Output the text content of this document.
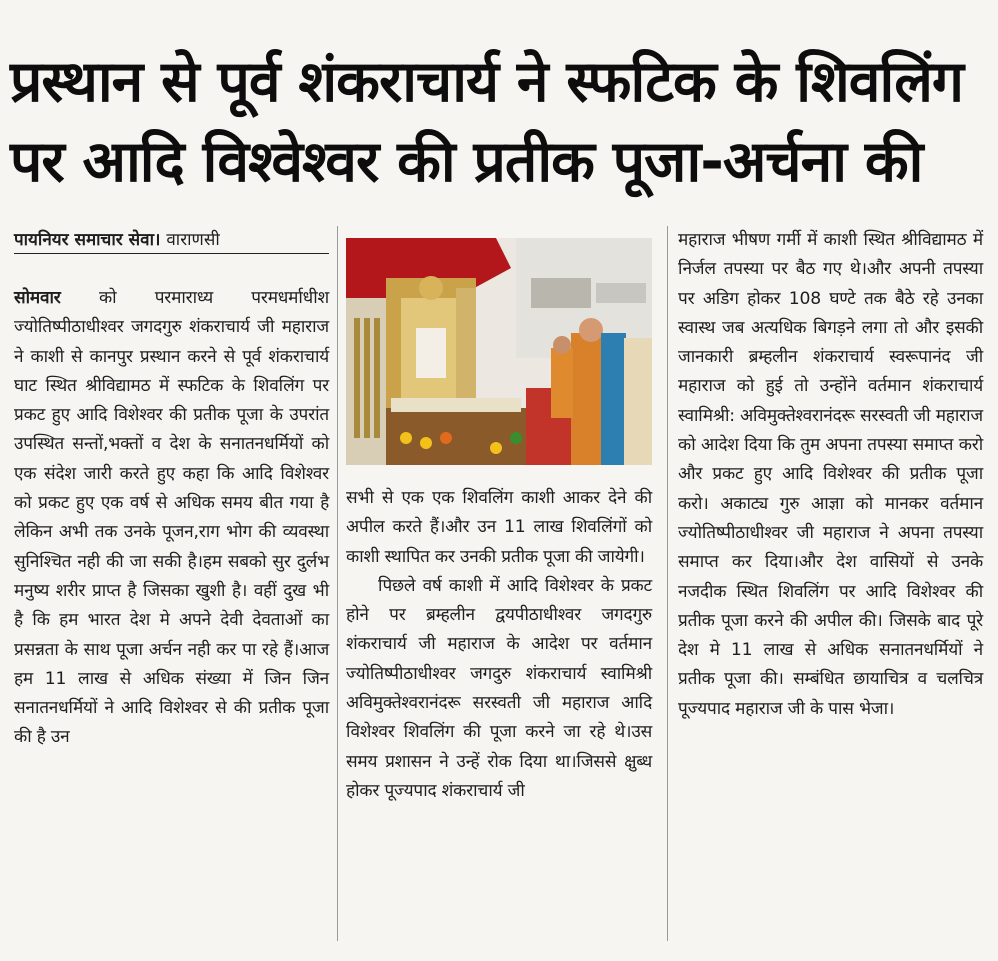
प्रस्थान से पूर्व शंकराचार्य ने स्फटिक के शिवलिंग
पर आदि विश्वेश्वर की प्रतीक पूजा-अर्चना की
पायनियर समाचार सेवा। वाराणसी

सोमवार को परमाराध्य परमधर्माधीश ज्योतिष्पीठाधीश्वर जगदगुरु शंकराचार्य जी महाराज ने काशी से कानपुर प्रस्थान करने से पूर्व शंकराचार्य घाट स्थित श्रीविद्यामठ में स्फटिक के शिवलिंग पर प्रकट हुए आदि विशेश्वर की प्रतीक पूजा के उपरांत उपस्थित सन्तों,भक्तों व देश के सनातनधर्मियों को एक संदेश जारी करते हुए कहा कि आदि विशेश्वर को प्रकट हुए एक वर्ष से अधिक समय बीत गया है लेकिन अभी तक उनके पूजन,राग भोग की व्यवस्था सुनिश्चित नही की जा सकी है।हम सबको सुर दुर्लभ मनुष्य शरीर प्राप्त है जिसका खुशी है। वहीं दुख भी है कि हम भारत देश मे अपने देवी देवताओं का प्रसन्नता के साथ पूजा अर्चन नही कर पा रहे हैं।आज हम 11 लाख से अधिक संख्या में जिन जिन सनातनधर्मियों ने आदि विशेश्वर से की प्रतीक पूजा की है उन

सभी से एक एक शिवलिंग काशी आकर देने की अपील करते हैं।और उन 11 लाख शिवलिंगों को काशी स्थापित कर उनकी प्रतीक पूजा की जायेगी।

पिछले वर्ष काशी में आदि विशेश्वर के प्रकट होने पर ब्रम्हलीन द्वयपीठाधीश्वर जगदगुरु शंकराचार्य जी महाराज के आदेश पर वर्तमान ज्योतिष्पीठाधीश्वर जगदुरु शंकराचार्य स्वामिश्री अविमुक्तेश्वरानंदरू सरस्वती जी महाराज आदि विशेश्वर शिवलिंग की पूजा करने जा रहे थे।उस समय प्रशासन ने उन्हें रोक दिया था।जिससे क्षुब्ध होकर पूज्यपाद शंकराचार्य जी

महाराज भीषण गर्मी में काशी स्थित श्रीविद्यामठ में निर्जल तपस्या पर बैठ गए थे।और अपनी तपस्या पर अडिग होकर 108 घण्टे तक बैठे रहे उनका स्वास्थ जब अत्यधिक बिगड़ने लगा तो और इसकी जानकारी ब्रम्हलीन शंकराचार्य स्वरूपानंद जी महाराज को हुई तो उन्होंने वर्तमान शंकराचार्य स्वामिश्री: अविमुक्तेश्वरानंदरू सरस्वती जी महाराज को आदेश दिया कि तुम अपना तपस्या समाप्त करो और प्रकट हुए आदि विशेश्वर की प्रतीक पूजा करो। अकाट्य गुरु आज्ञा को मानकर वर्तमान ज्योतिष्पीठाधीश्वर जी महाराज ने अपना तपस्या समाप्त कर दिया।और देश वासियों से उनके नजदीक स्थित शिवलिंग पर आदि विशेश्वर की प्रतीक पूजा करने की अपील की। जिसके बाद पूरे देश मे 11 लाख से अधिक सनातनधर्मियों ने प्रतीक पूजा की। सम्बंधित छायाचित्र व चलचित्र पूज्यपाद महाराज जी के पास भेजा।
